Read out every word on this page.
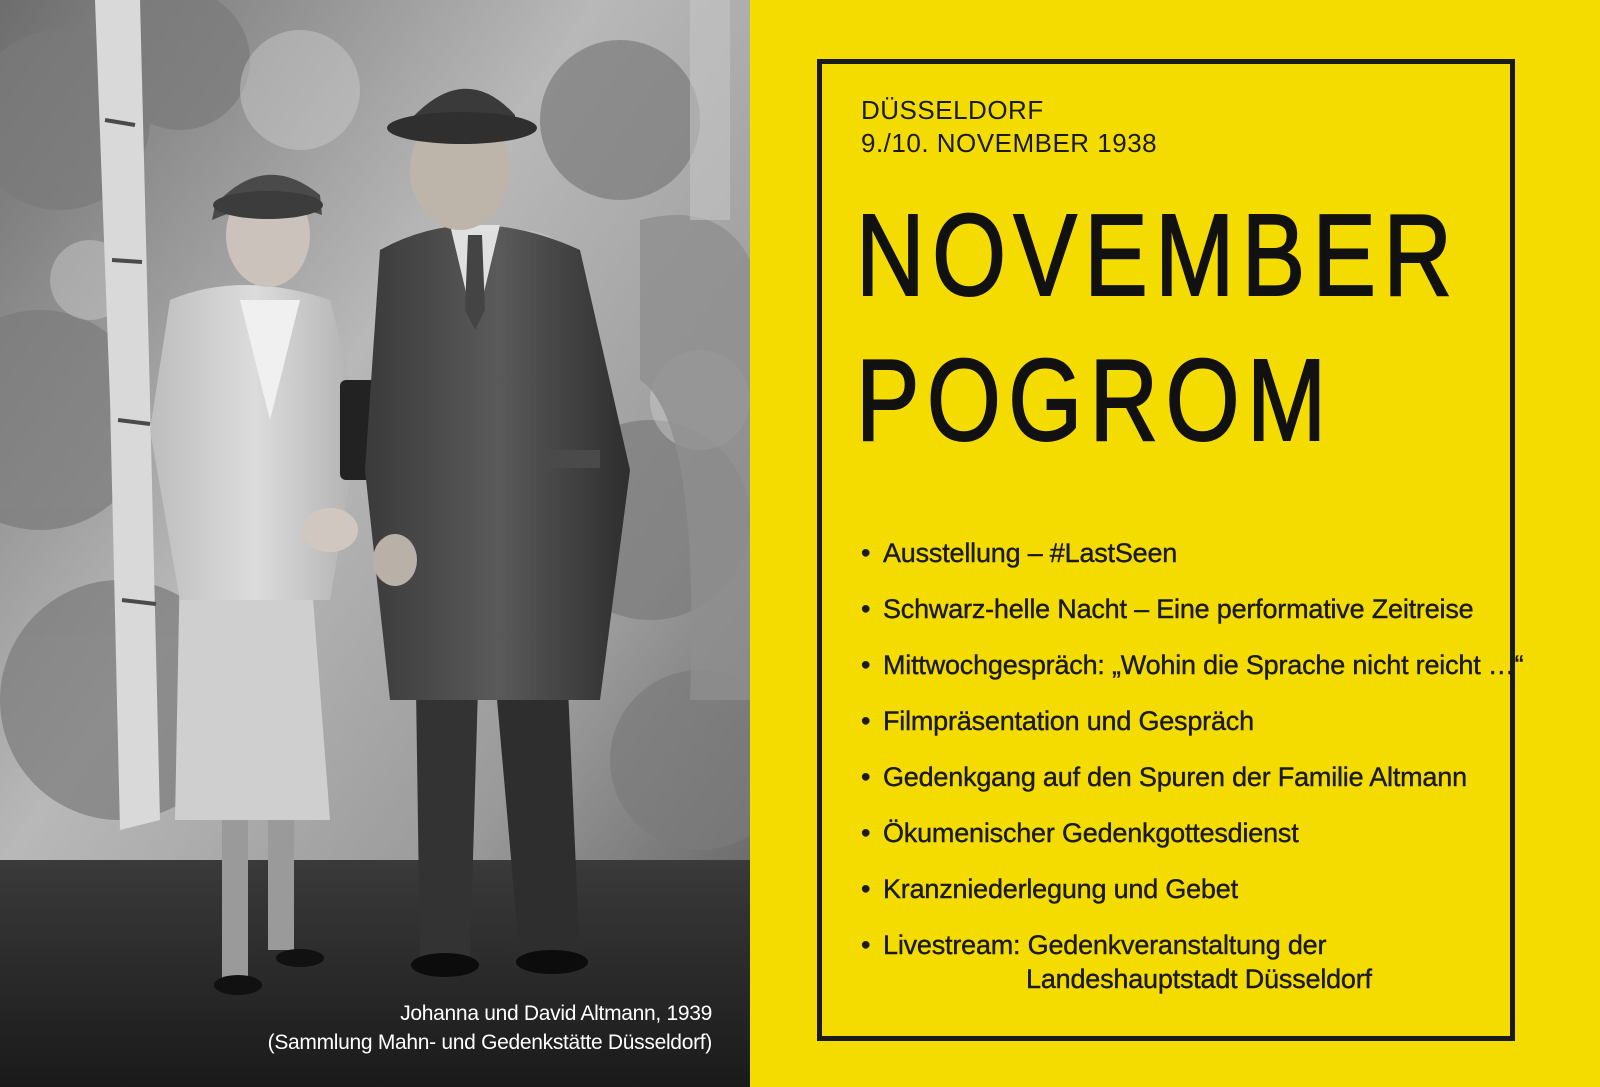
Johanna und David Altmann, 1939
(Sammlung Mahn- und Gedenkstätte Düsseldorf)
DÜSSELDORF
9./10. NOVEMBER 1938
NOVEMBER
POGROM
• Ausstellung – #LastSeen
• Schwarz-helle Nacht – Eine performative Zeitreise
• Mittwochgespräch: „Wohin die Sprache nicht reicht …“
• Filmpräsentation und Gespräch
• Gedenkgang auf den Spuren der Familie Altmann
• Ökumenischer Gedenkgottesdienst
• Kranzniederlegung und Gebet
• Livestream: Gedenkveranstaltung der
Landeshauptstadt Düsseldorf
